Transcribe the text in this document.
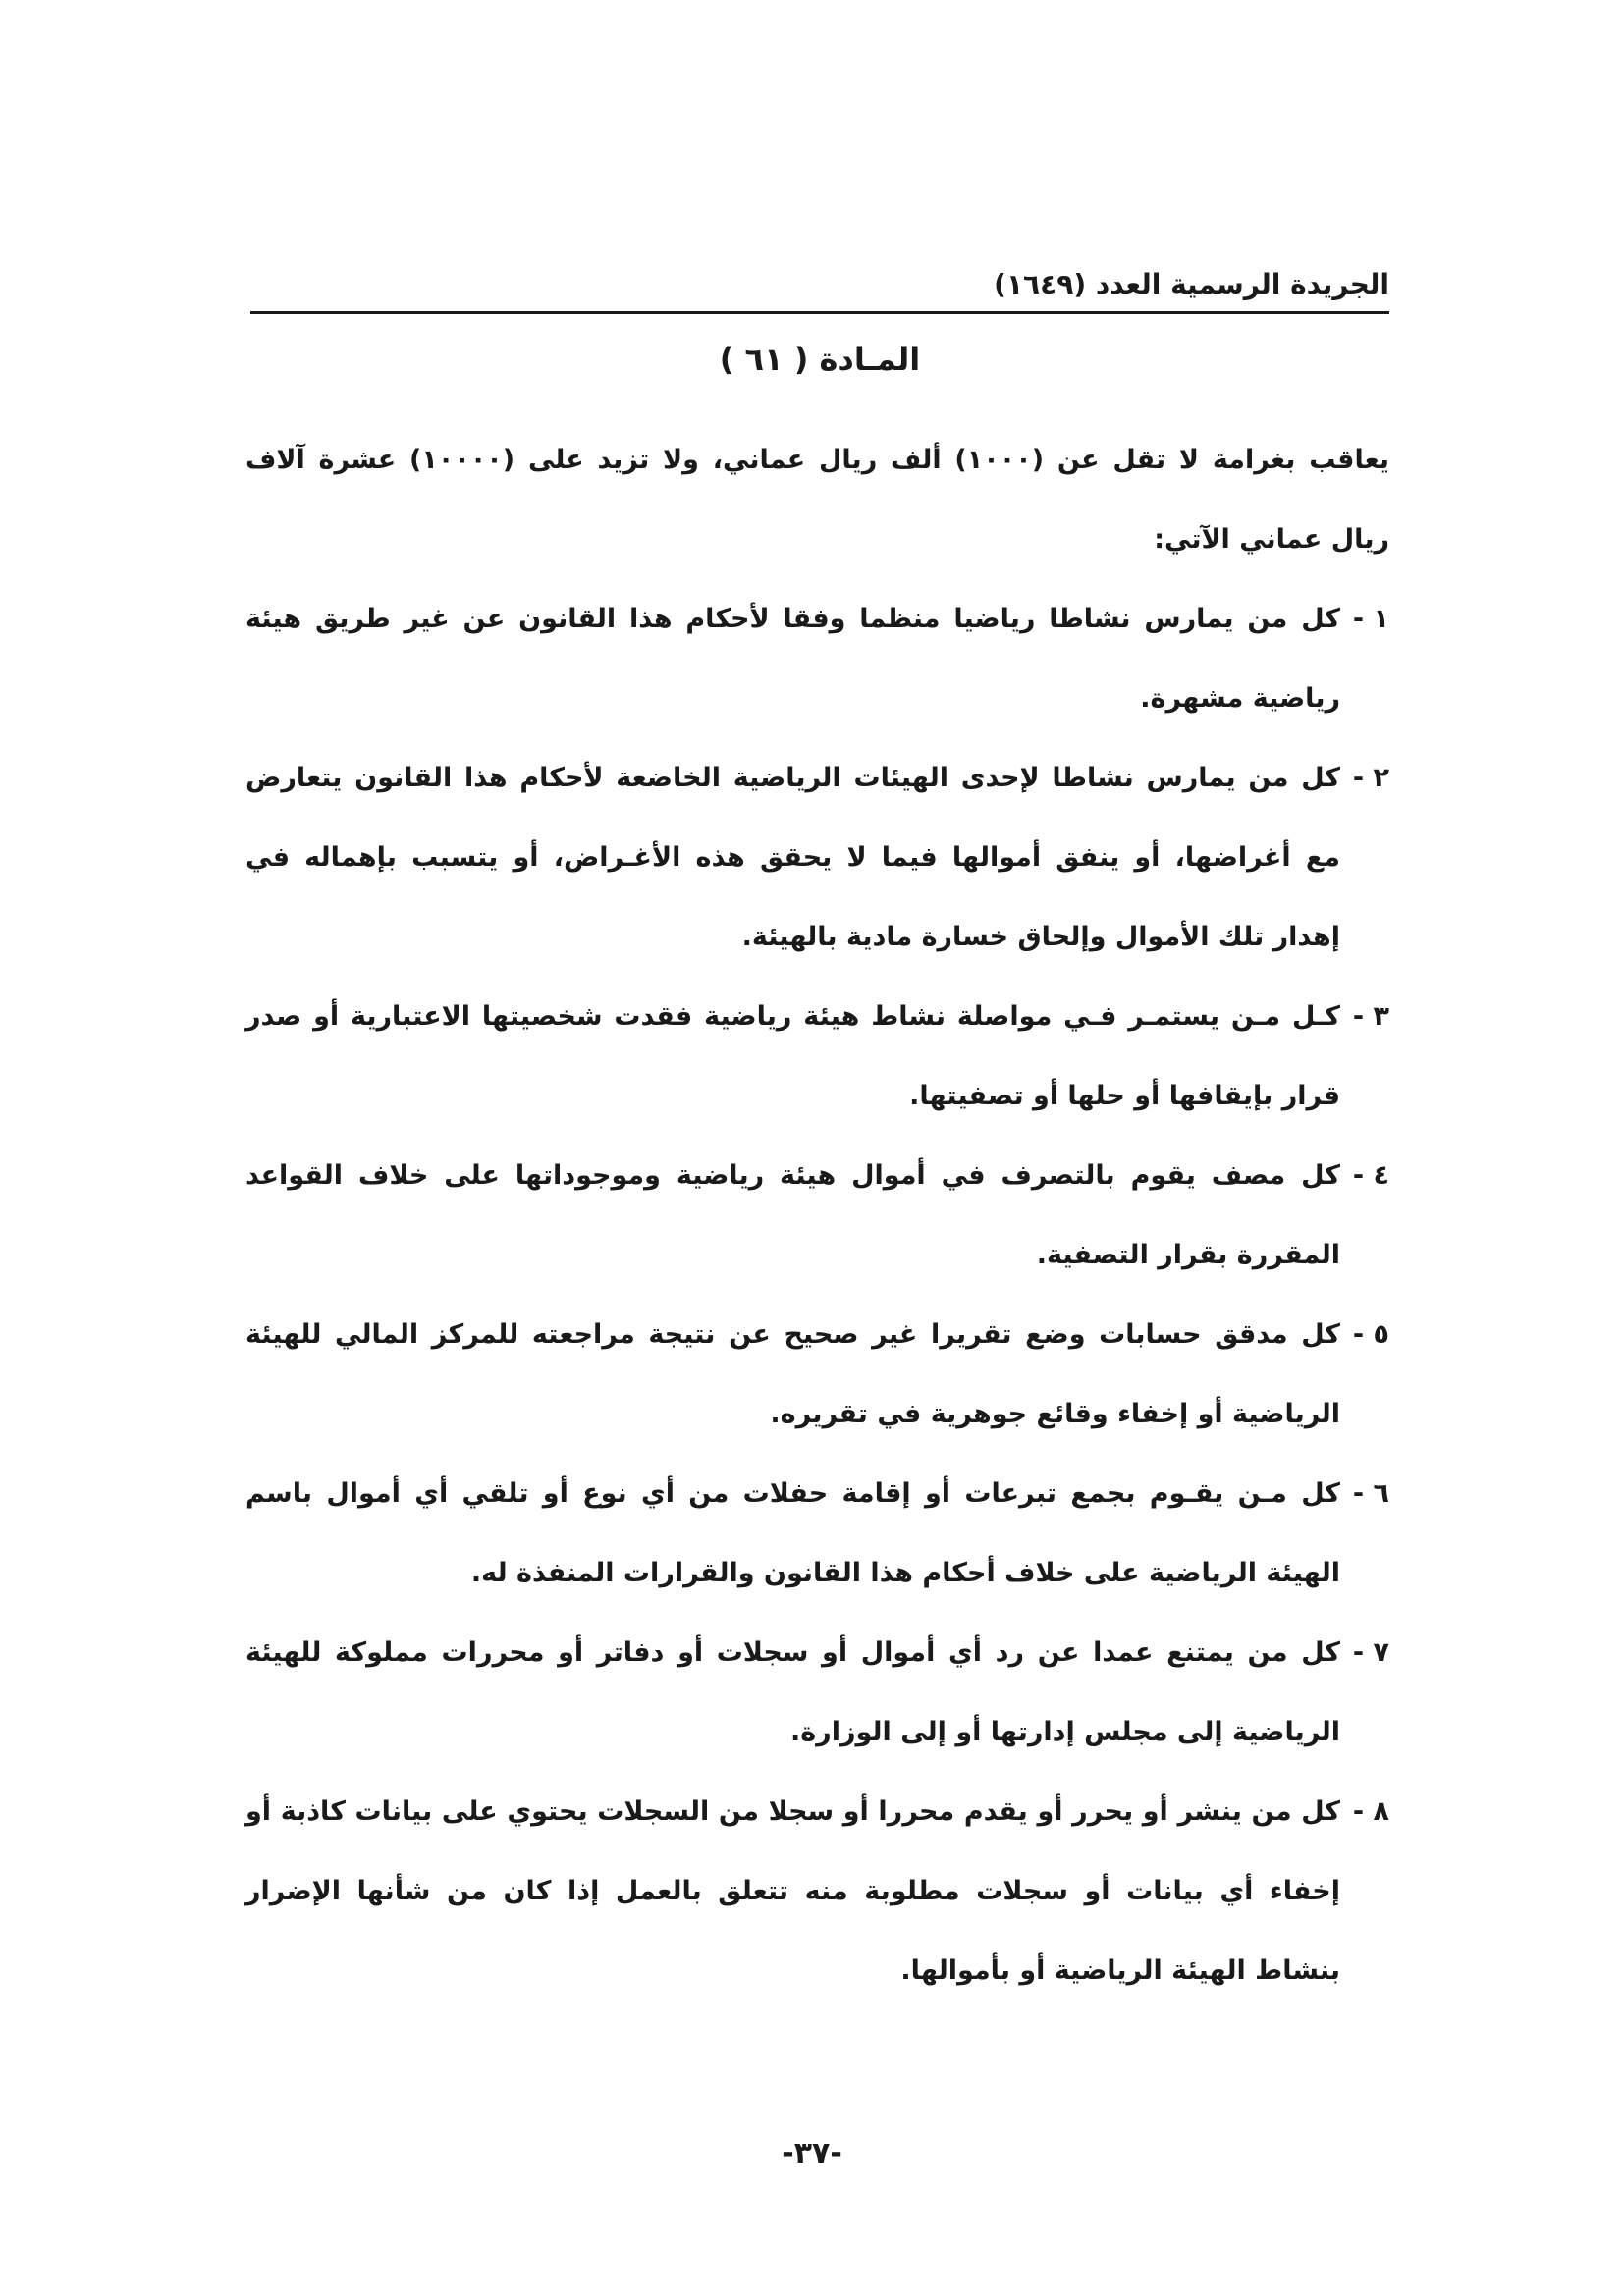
الجريدة الرسمية العدد (١٦٤٩)
المـادة ( ٦١ )

يعاقب بغرامة لا تقل عن (١٠٠٠) ألف ريال عماني، ولا تزيد على (١٠٠٠٠) عشرة آلاف ريال عماني الآتي:

١ -
كل من يمارس نشاطا رياضيا منظما وفقا لأحكام هذا القانون عن غير طريق هيئة رياضية مشهرة.
٢ -
كل من يمارس نشاطا لإحدى الهيئات الرياضية الخاضعة لأحكام هذا القانون يتعارض مع أغراضها، أو ينفق أموالها فيما لا يحقق هذه الأغـراض، أو يتسبب بإهماله في إهدار تلك الأموال وإلحاق خسارة مادية بالهيئة.
٣ -
كـل مـن يستمـر فـي مواصلة نشاط هيئة رياضية فقدت شخصيتها الاعتبارية أو صدر قرار بإيقافها أو حلها أو تصفيتها.
٤ -
كل مصف يقوم بالتصرف في أموال هيئة رياضية وموجوداتها على خلاف القواعد المقررة بقرار التصفية.
٥ -
كل مدقق حسابات وضع تقريرا غير صحيح عن نتيجة مراجعته للمركز المالي للهيئة الرياضية أو إخفاء وقائع جوهرية في تقريره.
٦ -
كل مـن يقـوم بجمع تبرعات أو إقامة حفلات من أي نوع أو تلقي أي أموال باسم الهيئة الرياضية على خلاف أحكام هذا القانون والقرارات المنفذة له.
٧ -
كل من يمتنع عمدا عن رد أي أموال أو سجلات أو دفاتر أو محررات مملوكة للهيئة الرياضية إلى مجلس إدارتها أو إلى الوزارة.
٨ -
كل من ينشر أو يحرر أو يقدم محررا أو سجلا من السجلات يحتوي على بيانات كاذبة أو إخفاء أي بيانات أو سجلات مطلوبة منه تتعلق بالعمل إذا كان من شأنها الإضرار بنشاط الهيئة الرياضية أو بأموالها.
-٣٧-
